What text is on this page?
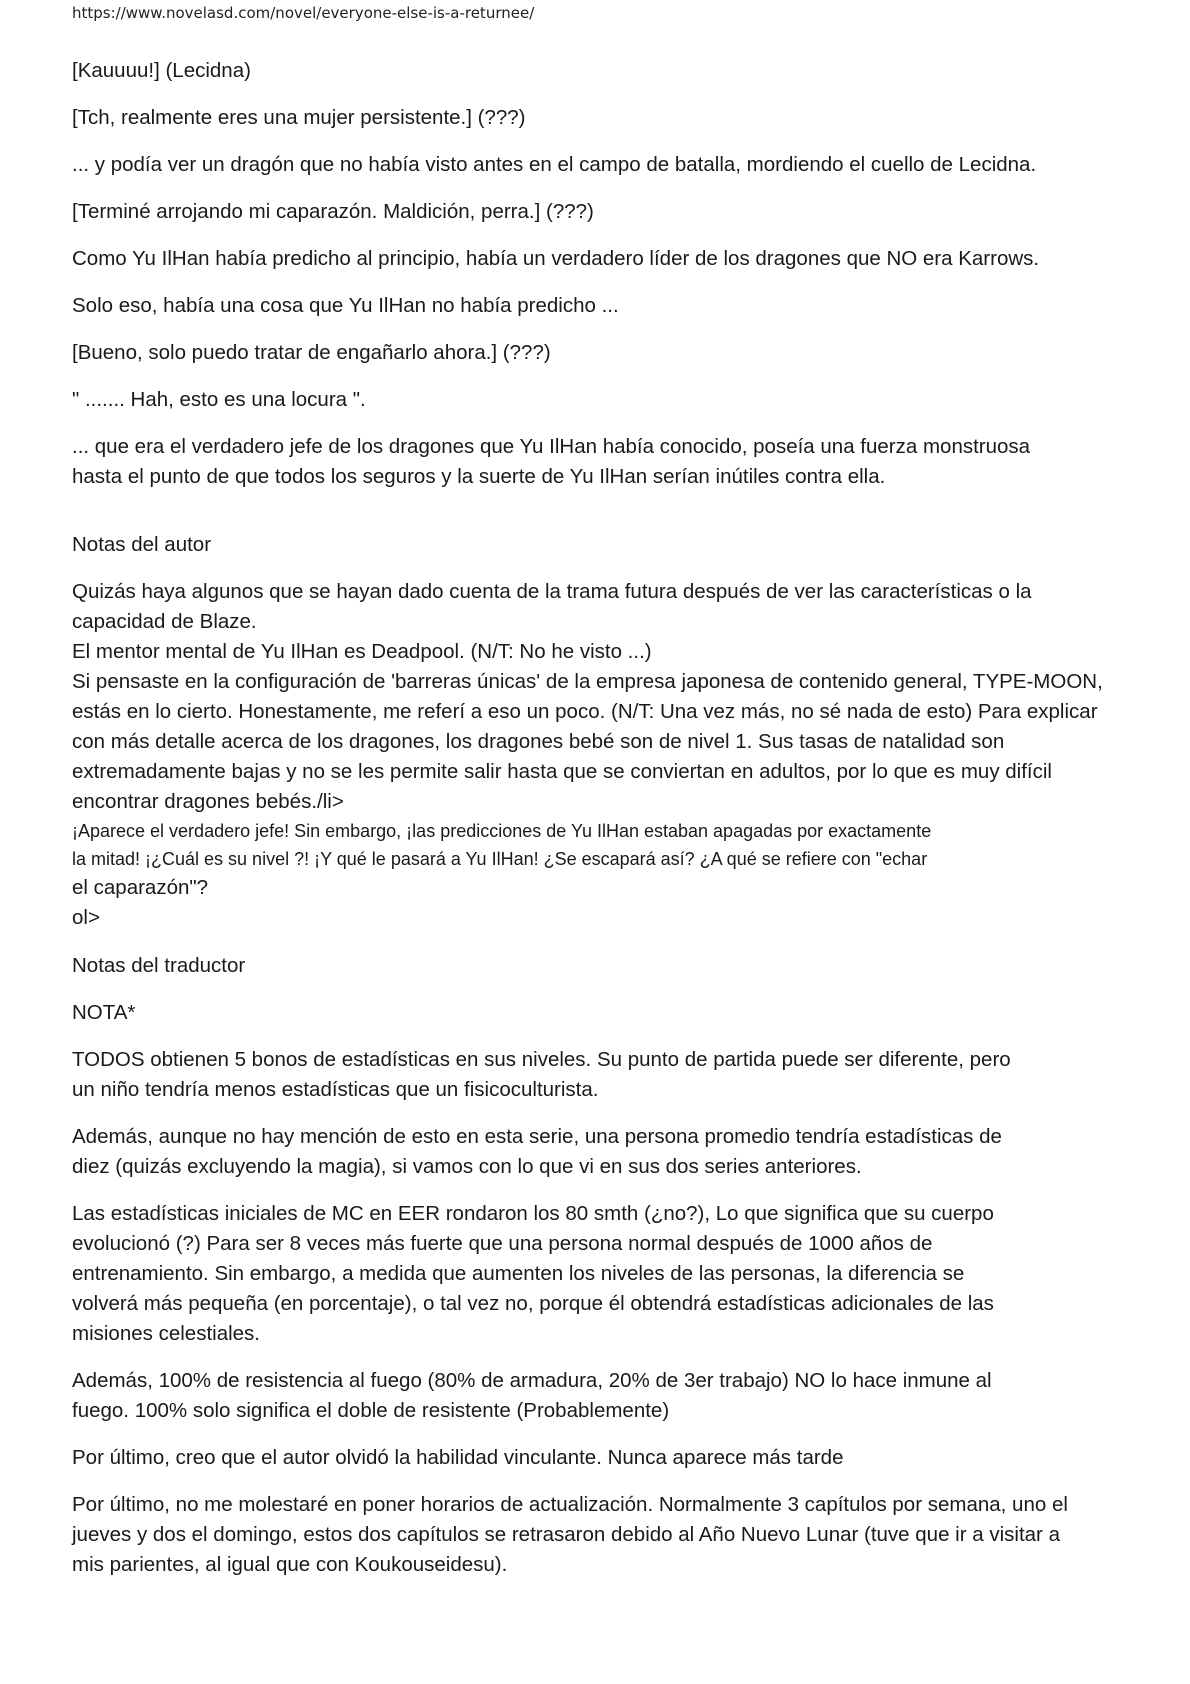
https://www.novelasd.com/novel/everyone-else-is-a-returnee/

[Kauuuu!] (Lecidna)

[Tch, realmente eres una mujer persistente.] (???)

... y podía ver un dragón que no había visto antes en el campo de batalla, mordiendo el cuello de Lecidna.

[Terminé arrojando mi caparazón. Maldición, perra.] (???)

Como Yu IlHan había predicho al principio, había un verdadero líder de los dragones que NO era Karrows.

Solo eso, había una cosa que Yu IlHan no había predicho ...

[Bueno, solo puedo tratar de engañarlo ahora.] (???)

" ....... Hah, esto es una locura ".

... que era el verdadero jefe de los dragones que Yu IlHan había conocido, poseía una fuerza monstruosa hasta el punto de que todos los seguros y la suerte de Yu IlHan serían inútiles contra ella.

Notas del autor

Quizás haya algunos que se hayan dado cuenta de la trama futura después de ver las características o la capacidad de Blaze.

El mentor mental de Yu IlHan es Deadpool. (N/T: No he visto ...)

Si pensaste en la configuración de 'barreras únicas' de la empresa japonesa de contenido general, TYPE-MOON, estás en lo cierto. Honestamente, me referí a eso un poco. (N/T: Una vez más, no sé nada de esto) Para explicar con más detalle acerca de los dragones, los dragones bebé son de nivel 1. Sus tasas de natalidad son extremadamente bajas y no se les permite salir hasta que se conviertan en adultos, por lo que es muy difícil encontrar dragones bebés./li>

¡Aparece el verdadero jefe! Sin embargo, ¡las predicciones de Yu IlHan estaban apagadas por exactamente

la mitad! ¡¿Cuál es su nivel ?! ¡Y qué le pasará a Yu IlHan! ¿Se escapará así? ¿A qué se refiere con "echar

el caparazón"?

ol>

Notas del traductor

NOTA*

TODOS obtienen 5 bonos de estadísticas en sus niveles. Su punto de partida puede ser diferente, pero un niño tendría menos estadísticas que un fisicoculturista.

Además, aunque no hay mención de esto en esta serie, una persona promedio tendría estadísticas de diez (quizás excluyendo la magia), si vamos con lo que vi en sus dos series anteriores.

Las estadísticas iniciales de MC en EER rondaron los 80 smth (¿no?), Lo que significa que su cuerpo evolucionó (?) Para ser 8 veces más fuerte que una persona normal después de 1000 años de entrenamiento. Sin embargo, a medida que aumenten los niveles de las personas, la diferencia se volverá más pequeña (en porcentaje), o tal vez no, porque él obtendrá estadísticas adicionales de las misiones celestiales.

Además, 100% de resistencia al fuego (80% de armadura, 20% de 3er trabajo) NO lo hace inmune al fuego. 100% solo significa el doble de resistente (Probablemente)

Por último, creo que el autor olvidó la habilidad vinculante. Nunca aparece más tarde

Por último, no me molestaré en poner horarios de actualización. Normalmente 3 capítulos por semana, uno el jueves y dos el domingo, estos dos capítulos se retrasaron debido al Año Nuevo Lunar (tuve que ir a visitar a mis parientes, al igual que con Koukouseidesu).
